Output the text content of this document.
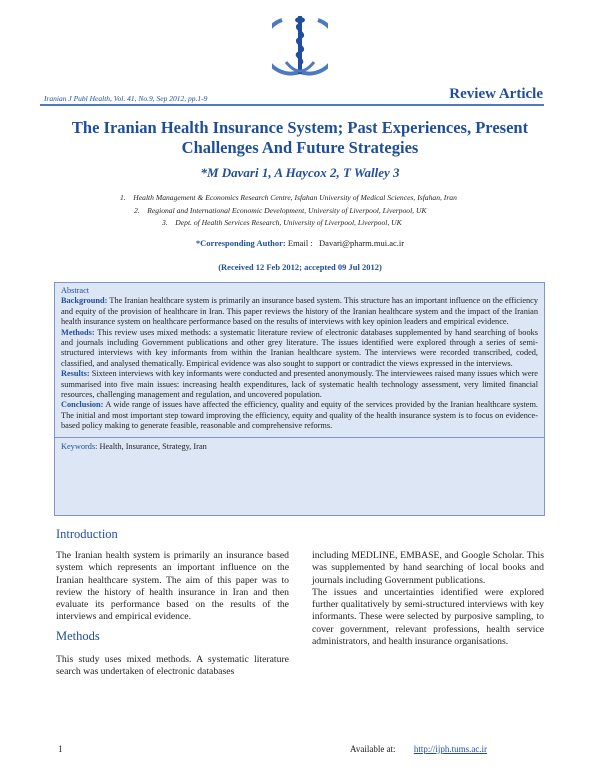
Iranian J Publ Health, Vol. 41, No.9, Sep 2012, pp.1-9	Review Article
The Iranian Health Insurance System; Past Experiences, Present Challenges And Future Strategies
*M Davari 1, A Haycox 2, T Walley 3
1. Health Management & Economics Research Centre, Isfahan University of Medical Sciences, Isfahan, Iran
2. Regional and International Economic Development, University of Liverpool, Liverpool, UK
3. Dept. of Health Services Research, University of Liverpool, Liverpool, UK
*Corresponding Author: Email : Davari@pharm.mui.ac.ir
(Received 12 Feb 2012; accepted 09 Jul 2012)

Abstract

Background: The Iranian healthcare system is primarily an insurance based system. This structure has an important influence on the efficiency and equity of the provision of healthcare in Iran. This paper reviews the history of the Iranian healthcare system and the impact of the Iranian health insurance system on healthcare performance based on the results of interviews with key opinion leaders and empirical evidence.

Methods: This review uses mixed methods: a systematic literature review of electronic databases supplemented by hand searching of books and journals including Government publications and other grey literature. The issues identified were explored through a series of semi-structured interviews with key informants from within the Iranian healthcare system. The interviews were recorded transcribed, coded, classified, and analysed thematically. Empirical evidence was also sought to support or contradict the views expressed in the interviews.

Results: Sixteen interviews with key informants were conducted and presented anonymously. The interviewees raised many issues which were summarised into five main issues: increasing health expenditures, lack of systematic health technology assessment, very limited financial resources, challenging management and regulation, and uncovered population.

Conclusion: A wide range of issues have affected the efficiency, quality and equity of the services provided by the Iranian healthcare system. The initial and most important step toward improving the efficiency, equity and quality of the health insurance system is to focus on evidence-based policy making to generate feasible, reasonable and comprehensive reforms.

Keywords: Health, Insurance, Strategy, Iran

Introduction

The Iranian health system is primarily an insurance based system which represents an important influence on the Iranian healthcare system. The aim of this paper was to review the history of health insurance in Iran and then evaluate its performance based on the results of the interviews and empirical evidence.

Methods

This study uses mixed methods. A systematic literature search was undertaken of electronic databases

including MEDLINE, EMBASE, and Google Scholar. This was supplemented by hand searching of local books and journals including Government publications.

The issues and uncertainties identified were explored further qualitatively by semi-structured interviews with key informants. These were selected by purposive sampling, to cover government, relevant professions, health service administrators, and health insurance organisations.

1	Available at: http://ijph.tums.ac.ir
